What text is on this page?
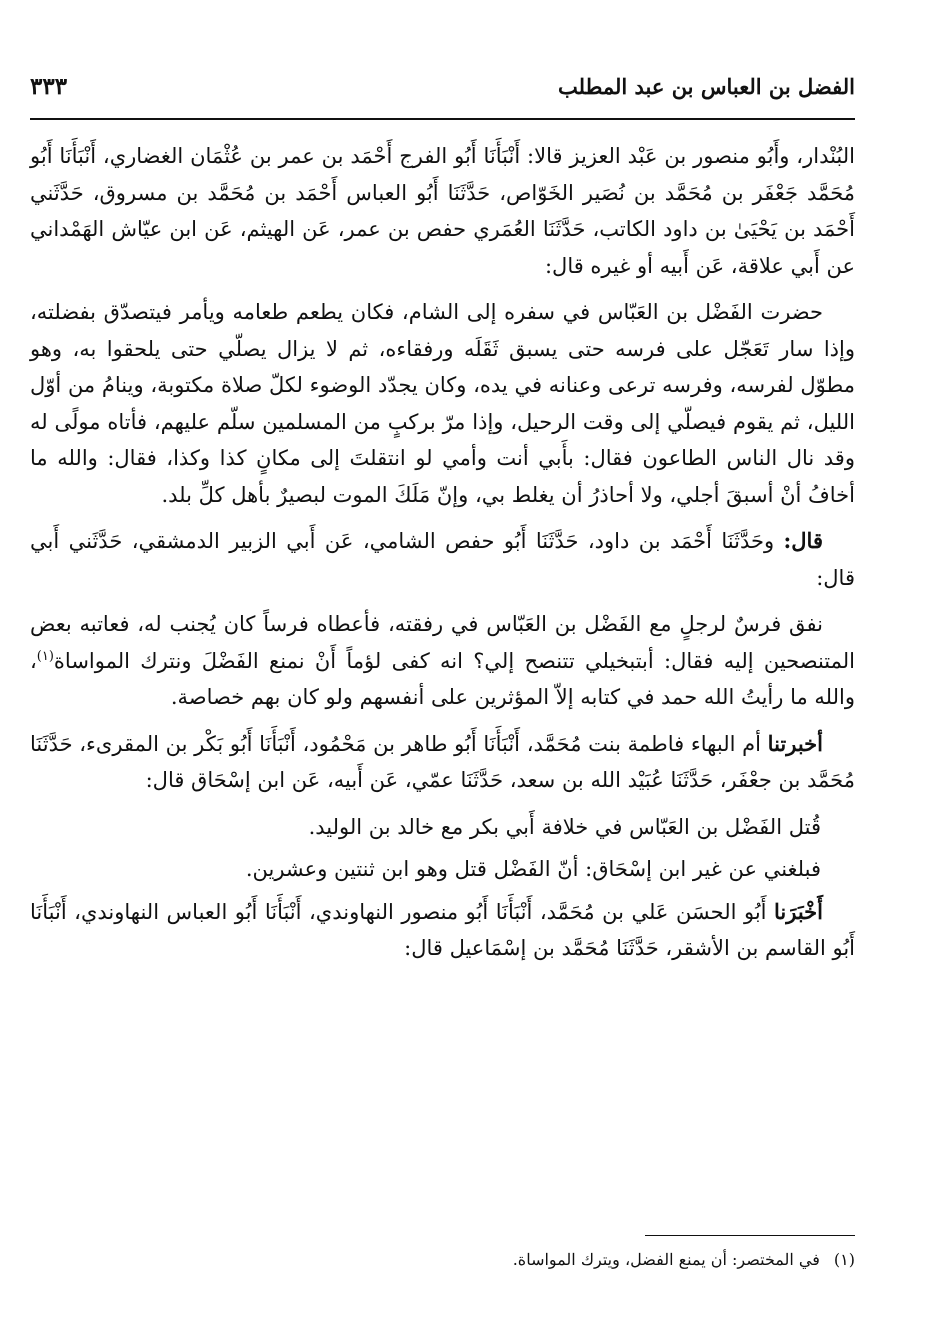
الفضل بن العباس بن عبد المطلب
٣٣٣

البُنْدار، وأَبُو منصور بن عَبْد العزيز قالا: أَنْبَأَنَا أَبُو الفرج أَحْمَد بن عمر بن عُثْمَان الغضاري، أَنْبَأَنَا أَبُو مُحَمَّد جَعْفَر بن مُحَمَّد بن نُصَير الخَوّاص، حَدَّثَنَا أَبُو العباس أَحْمَد بن مُحَمَّد بن مسروق، حَدَّثَني أَحْمَد بن يَحْيَىٰ بن داود الكاتب، حَدَّثَنَا العُمَري حفص بن عمر، عَن الهيثم، عَن ابن عيّاش الهَمْداني عن أَبي علاقة، عَن أَبيه أو غيره قال:

حضرت الفَضْل بن العَبّاس في سفره إلى الشام، فكان يطعم طعامه ويأمر فيتصدّق بفضلته، وإذا سار تَعَجّل على فرسه حتى يسبق ثَقَلَه ورفقاءه، ثم لا يزال يصلّي حتى يلحقوا به، وهو مطوّل لفرسه، وفرسه ترعى وعنانه في يده، وكان يجدّد الوضوء لكلّ صلاة مكتوبة، وينامُ من أوّل الليل، ثم يقوم فيصلّي إلى وقت الرحيل، وإذا مرّ بركبٍ من المسلمين سلّم عليهم، فأتاه مولًى له وقد نال الناس الطاعون فقال: بأَبي أنت وأمي لو انتقلتَ إلى مكانٍ كذا وكذا، فقال: والله ما أخافُ أنْ أسبقَ أجلي، ولا أحاذرُ أن يغلط بي، وإنّ مَلَكَ الموت لبصيرٌ بأهل كلِّ بلد.

قال: وحَدَّثَنَا أَحْمَد بن داود، حَدَّثَنَا أَبُو حفص الشامي، عَن أَبي الزبير الدمشقي، حَدَّثَني أَبي قال:

نفق فرسٌ لرجلٍ مع الفَضْل بن العَبّاس في رفقته، فأعطاه فرساً كان يُجنب له، فعاتبه بعض المتنصحين إليه فقال: أبتبخيلي تتنصح إلي؟ انه كفى لؤماً أَنْ نمنع الفَضْلَ ونترك المواساة$^{(١)}$، والله ما رأيتُ الله حمد في كتابه إلاّ المؤثرين على أنفسهم ولو كان بهم خصاصة.

أخبرتنا أم البهاء فاطمة بنت مُحَمَّد، أَنْبَأَنَا أَبُو طاهر بن مَحْمُود، أَنْبَأَنَا أَبُو بَكْر بن المقرىء، حَدَّثَنَا مُحَمَّد بن جعْفَر، حَدَّثَنَا عُبَيْد الله بن سعد، حَدَّثَنَا عمّي، عَن أَبيه، عَن ابن إسْحَاق قال:

قُتل الفَضْل بن العَبّاس في خلافة أَبي بكر مع خالد بن الوليد.

فبلغني عن غير ابن إسْحَاق: أنّ الفَضْل قتل وهو ابن ثنتين وعشرين.

أَخْبَرَنا أَبُو الحسَن عَلي بن مُحَمَّد، أَنْبَأَنَا أَبُو منصور النهاوندي، أَنْبَأَنَا أَبُو العباس النهاوندي، أَنْبَأَنَا أَبُو القاسم بن الأشقر، حَدَّثَنَا مُحَمَّد بن إسْمَاعيل قال:

(١)في المختصر: أن يمنع الفضل، ويترك المواساة.
